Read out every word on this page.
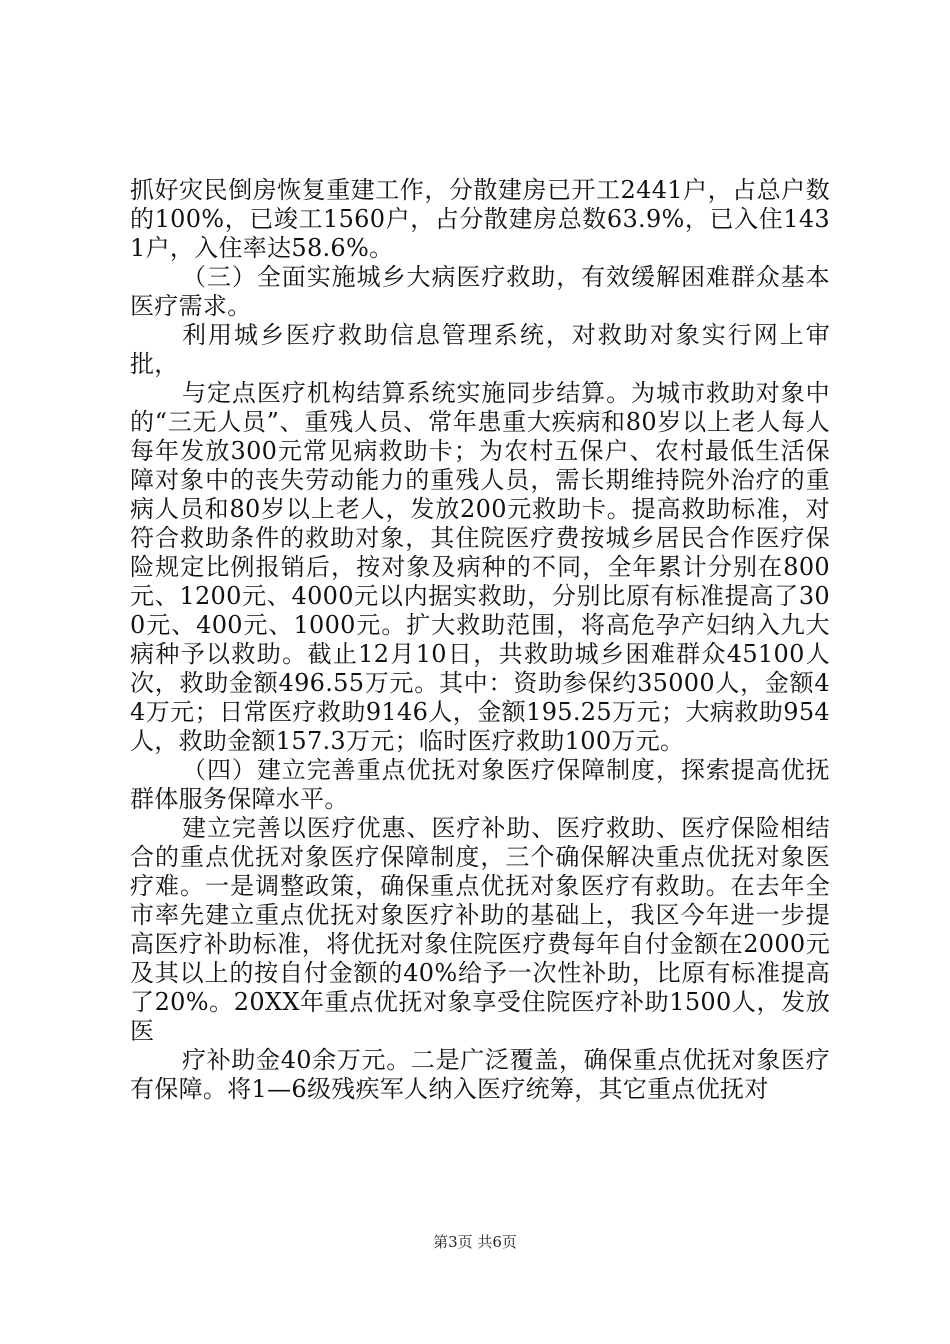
抓好灾民倒房恢复重建工作，分散建房已开工2441户，占总户数的100%，已竣工1560户，占分散建房总数63.9%，已入住1431户，入住率达58.6%。

（三）全面实施城乡大病医疗救助，有效缓解困难群众基本医疗需求。

利用城乡医疗救助信息管理系统，对救助对象实行网上审批，

与定点医疗机构结算系统实施同步结算。为城市救助对象中的“三无人员”、重残人员、常年患重大疾病和80岁以上老人每人每年发放300元常见病救助卡；为农村五保户、农村最低生活保障对象中的丧失劳动能力的重残人员，需长期维持院外治疗的重病人员和80岁以上老人，发放200元救助卡。提高救助标准，对符合救助条件的救助对象，其住院医疗费按城乡居民合作医疗保险规定比例报销后，按对象及病种的不同，全年累计分别在800元、1200元、4000元以内据实救助，分别比原有标准提高了300元、400元、1000元。扩大救助范围，将高危孕产妇纳入九大病种予以救助。截止12月10日，共救助城乡困难群众45100人次，救助金额496.55万元。其中：资助参保约35000人，金额44万元；日常医疗救助9146人，金额195.25万元；大病救助954人，救助金额157.3万元；临时医疗救助100万元。

（四）建立完善重点优抚对象医疗保障制度，探索提高优抚群体服务保障水平。

建立完善以医疗优惠、医疗补助、医疗救助、医疗保险相结合的重点优抚对象医疗保障制度，三个确保解决重点优抚对象医疗难。一是调整政策，确保重点优抚对象医疗有救助。在去年全市率先建立重点优抚对象医疗补助的基础上，我区今年进一步提高医疗补助标准，将优抚对象住院医疗费每年自付金额在2000元及其以上的按自付金额的40%给予一次性补助，比原有标准提高了20%。20XX年重点优抚对象享受住院医疗补助1500人，发放医

疗补助金40余万元。二是广泛覆盖，确保重点优抚对象医疗有保障。将1—6级残疾军人纳入医疗统筹，其它重点优抚对

第3页 共6页
